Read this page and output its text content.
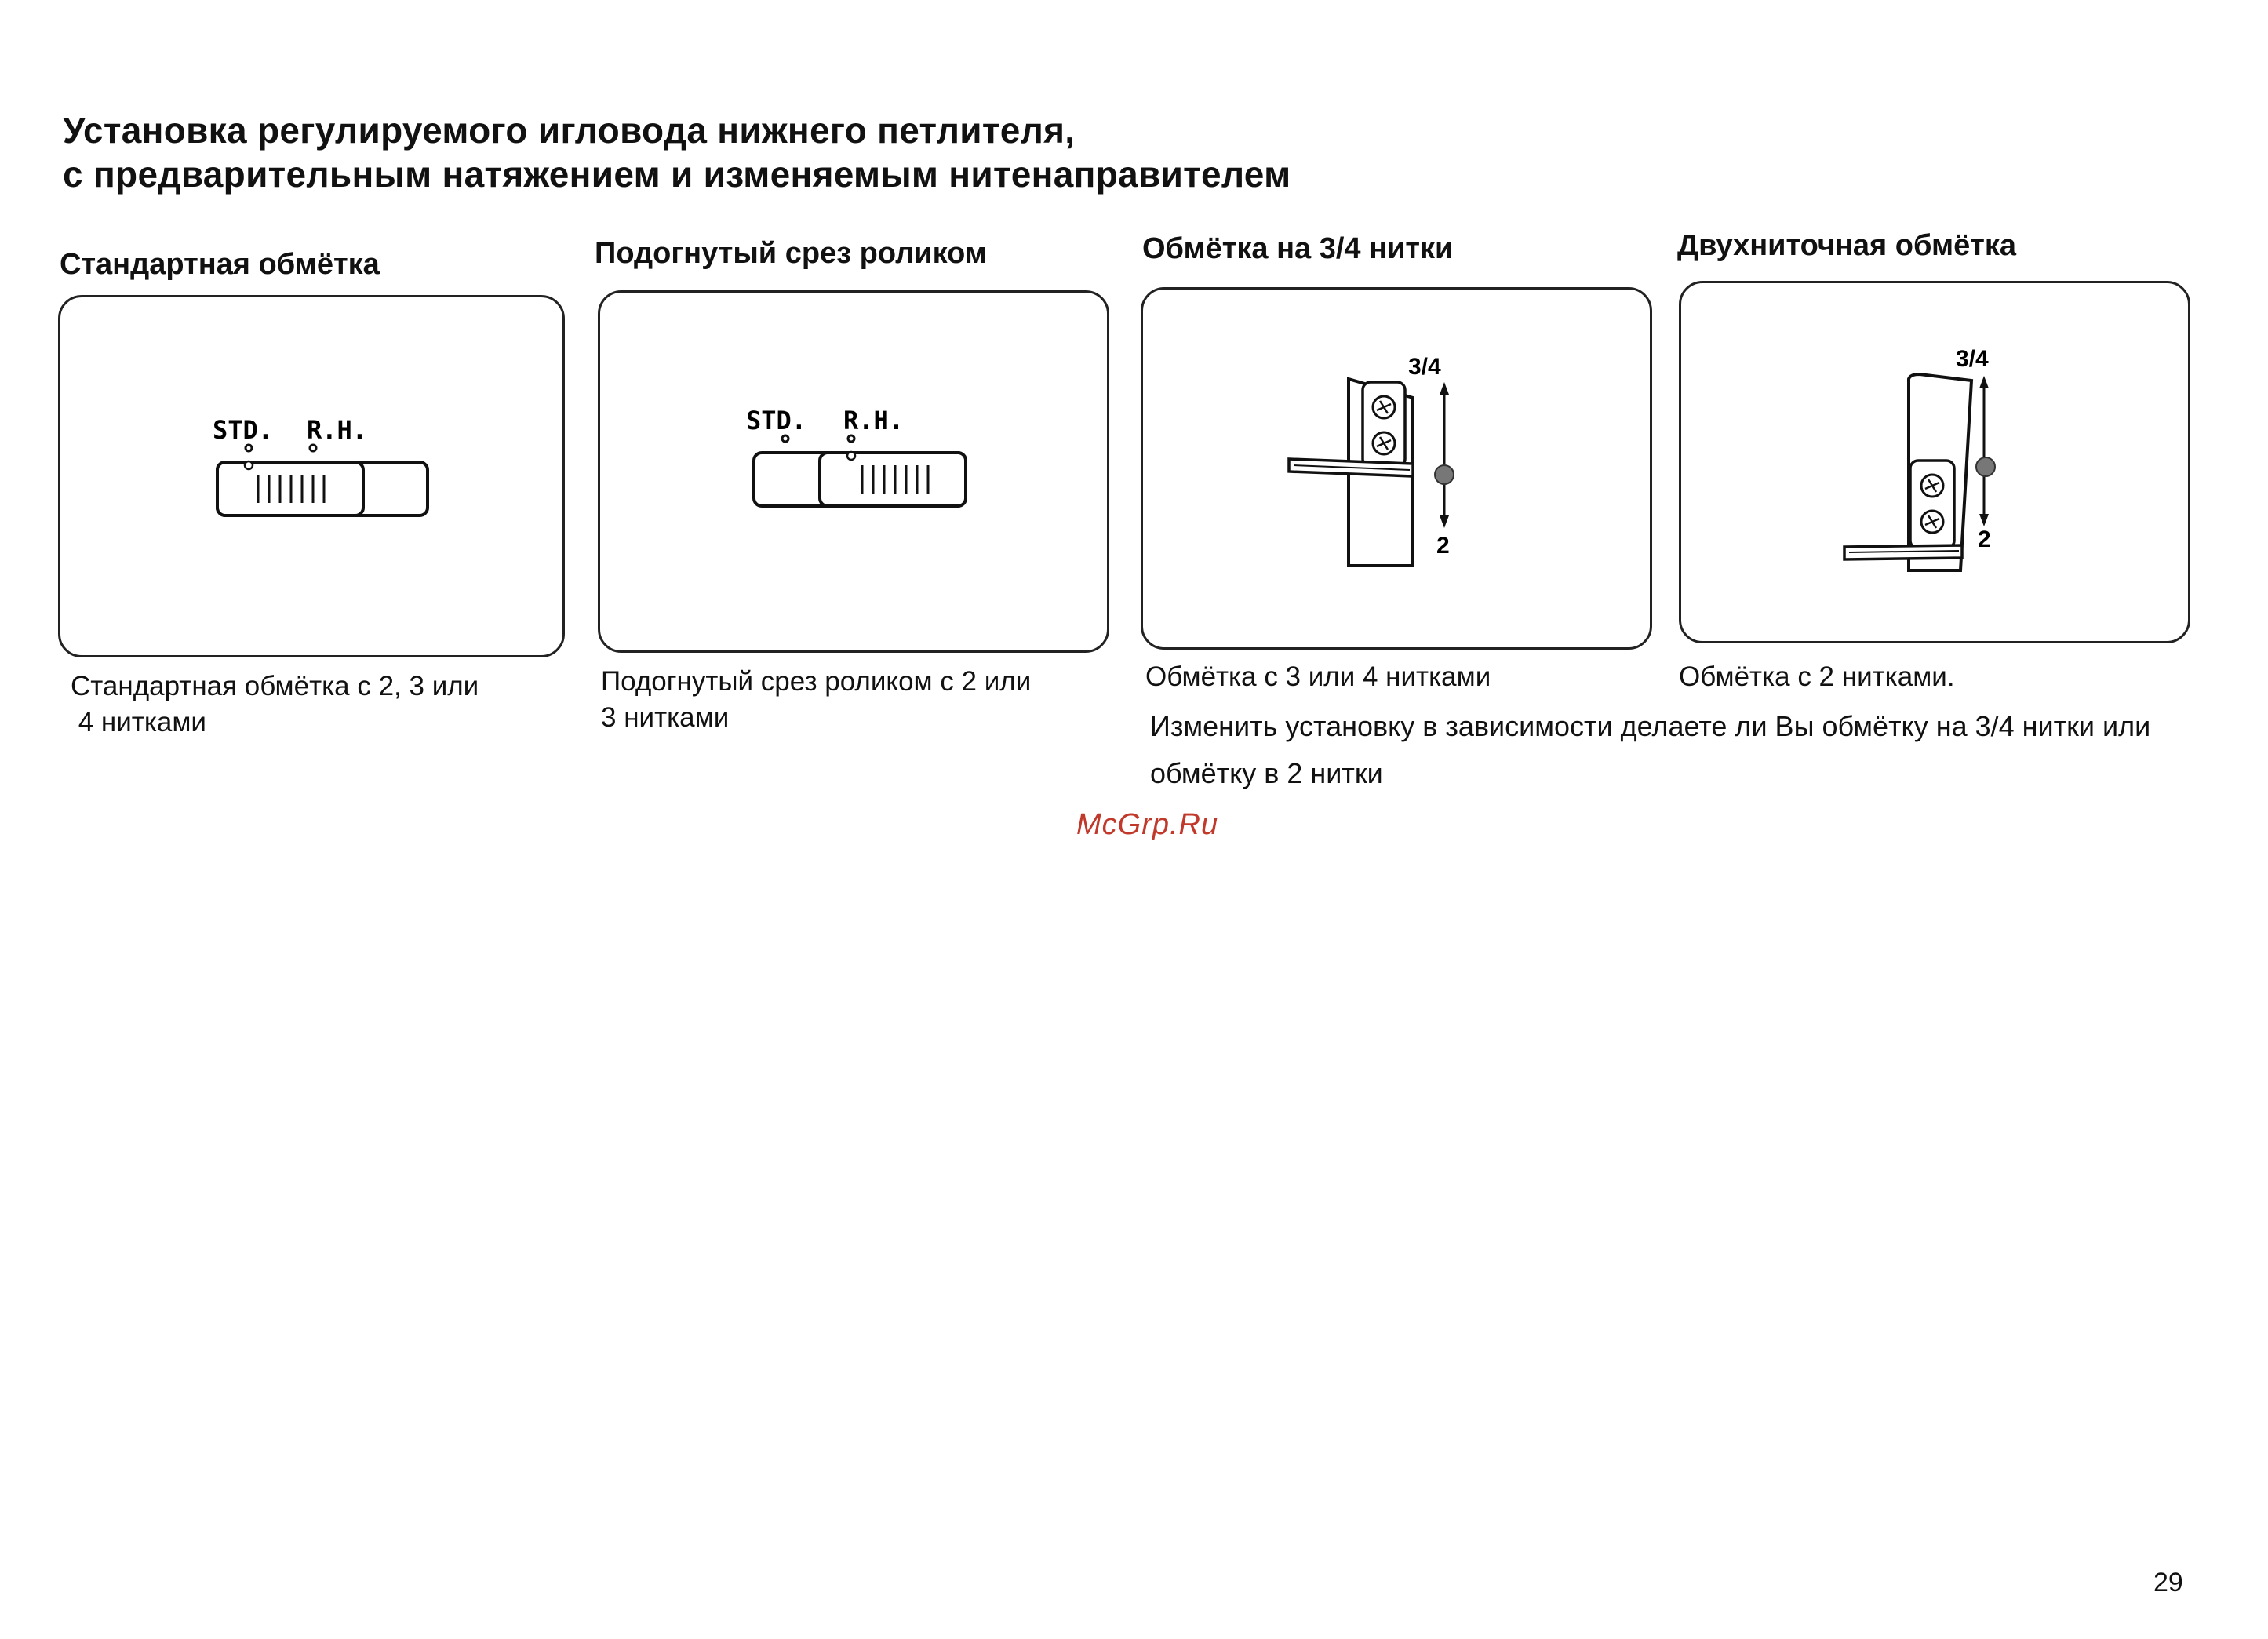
Установка регулируемого игловода нижнего петлителя,
с предварительным натяжением и изменяемым нитенаправителем
Стандартная обмётка
STD. R.H.
Стандартная обмётка с 2, 3 или
4 нитками
Подогнутый срез роликом
STD. R.H.
Подогнутый срез роликом с 2 или
3 нитками
Обмётка на 3/4 нитки
3/4
2
Обмётка с 3 или 4 нитками
Двухниточная обмётка
3/4
2
Обмётка с 2 нитками.
Изменить установку в зависимости делаете ли Вы обмётку на 3/4 нитки или обмётку в 2 нитки
McGrp.Ru
29
